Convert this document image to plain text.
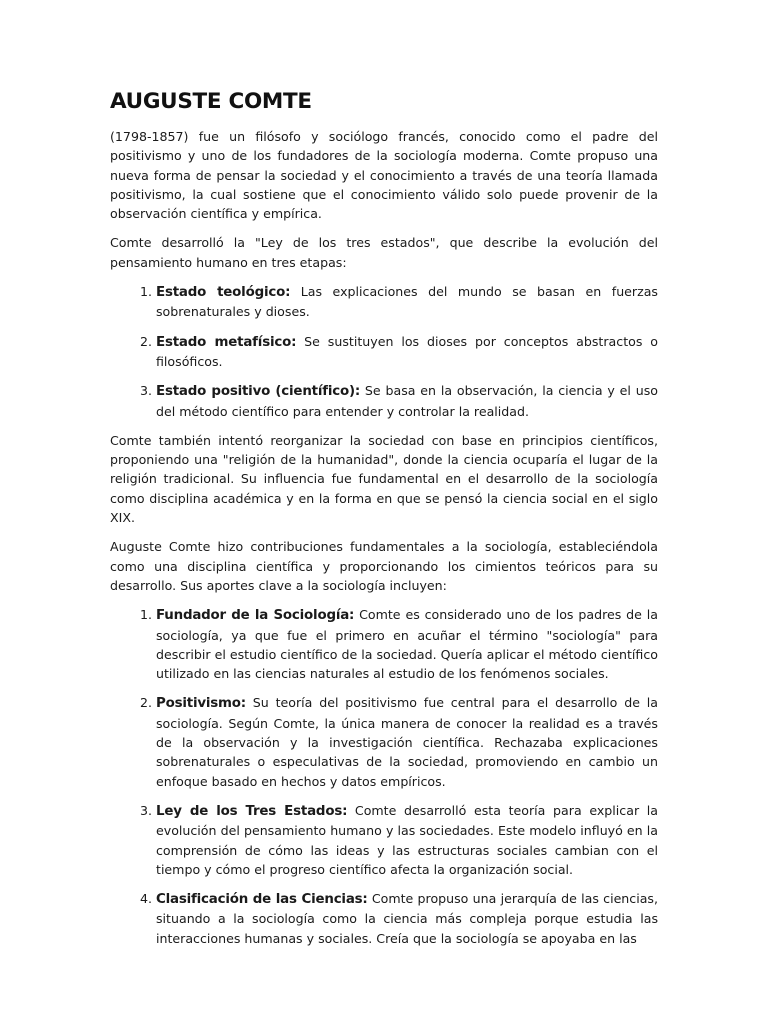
AUGUSTE COMTE

(1798-1857) fue un filósofo y sociólogo francés, conocido como el padre del positivismo y uno de los fundadores de la sociología moderna. Comte propuso una nueva forma de pensar la sociedad y el conocimiento a través de una teoría llamada positivismo, la cual sostiene que el conocimiento válido solo puede provenir de la observación científica y empírica.

Comte desarrolló la "Ley de los tres estados", que describe la evolución del pensamiento humano en tres etapas:

1. Estado teológico: Las explicaciones del mundo se basan en fuerzas sobrenaturales y dioses.
2. Estado metafísico: Se sustituyen los dioses por conceptos abstractos o filosóficos.
3. Estado positivo (científico): Se basa en la observación, la ciencia y el uso del método científico para entender y controlar la realidad.

Comte también intentó reorganizar la sociedad con base en principios científicos, proponiendo una "religión de la humanidad", donde la ciencia ocuparía el lugar de la religión tradicional. Su influencia fue fundamental en el desarrollo de la sociología como disciplina académica y en la forma en que se pensó la ciencia social en el siglo XIX.

Auguste Comte hizo contribuciones fundamentales a la sociología, estableciéndola como una disciplina científica y proporcionando los cimientos teóricos para su desarrollo. Sus aportes clave a la sociología incluyen:

1. Fundador de la Sociología: Comte es considerado uno de los padres de la sociología, ya que fue el primero en acuñar el término "sociología" para describir el estudio científico de la sociedad. Quería aplicar el método científico utilizado en las ciencias naturales al estudio de los fenómenos sociales.
2. Positivismo: Su teoría del positivismo fue central para el desarrollo de la sociología. Según Comte, la única manera de conocer la realidad es a través de la observación y la investigación científica. Rechazaba explicaciones sobrenaturales o especulativas de la sociedad, promoviendo en cambio un enfoque basado en hechos y datos empíricos.
3. Ley de los Tres Estados: Comte desarrolló esta teoría para explicar la evolución del pensamiento humano y las sociedades. Este modelo influyó en la comprensión de cómo las ideas y las estructuras sociales cambian con el tiempo y cómo el progreso científico afecta la organización social.
4. Clasificación de las Ciencias: Comte propuso una jerarquía de las ciencias, situando a la sociología como la ciencia más compleja porque estudia las interacciones humanas y sociales. Creía que la sociología se apoyaba en las
